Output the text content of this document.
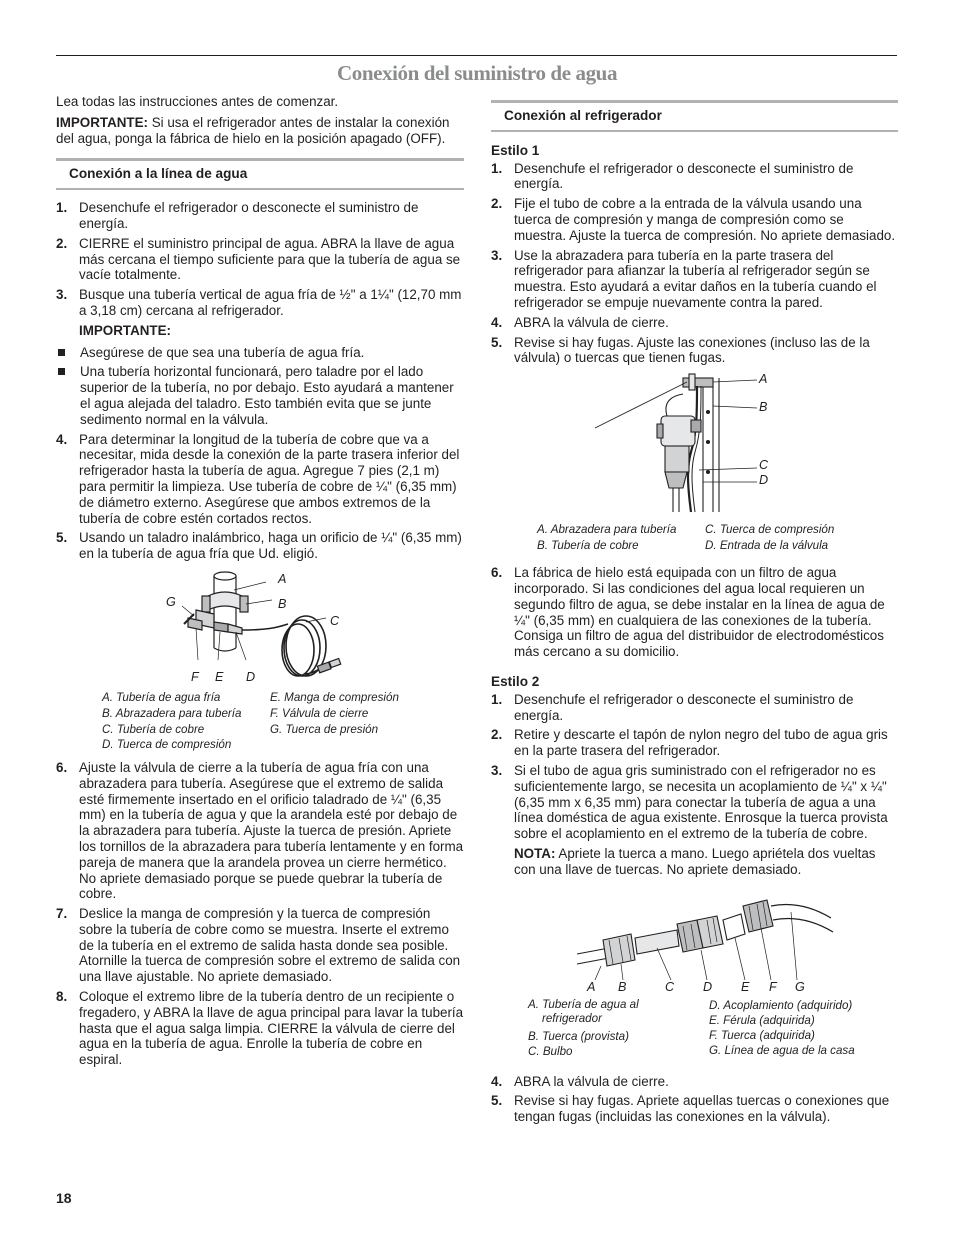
Conexión del suministro de agua

Lea todas las instrucciones antes de comenzar.

IMPORTANTE: Si usa el refrigerador antes de instalar la conexión del agua, ponga la fábrica de hielo en la posición apagado (OFF).

Conexión a la línea de agua
1. Desenchufe el refrigerador o desconecte el suministro de energía.
2. CIERRE el suministro principal de agua. ABRA la llave de agua más cercana el tiempo suficiente para que la tubería de agua se vacíe totalmente.
3. Busque una tubería vertical de agua fría de ½" a 1¼" (12,70 mm a 3,18 cm) cercana al refrigerador.

IMPORTANTE:

Asegúrese de que sea una tubería de agua fría.
Una tubería horizontal funcionará, pero taladre por el lado superior de la tubería, no por debajo. Esto ayudará a mantener el agua alejada del taladro. Esto también evita que se junte sedimento normal en la válvula.
4. Para determinar la longitud de la tubería de cobre que va a necesitar, mida desde la conexión de la parte trasera inferior del refrigerador hasta la tubería de agua. Agregue 7 pies (2,1 m) para permitir la limpieza. Use tubería de cobre de ¼" (6,35 mm) de diámetro externo. Asegúrese que ambos extremos de la tubería de cobre estén cortados rectos.
5. Usando un taladro inalámbrico, haga un orificio de ¼" (6,35 mm) en la tubería de agua fría que Ud. eligió.
A
B
C
G
F E D
A. Tubería de agua fría
B. Abrazadera para tubería
C. Tubería de cobre
D. Tuerca de compresión
E. Manga de compresión
F. Válvula de cierre
G. Tuerca de presión
6. Ajuste la válvula de cierre a la tubería de agua fría con una abrazadera para tubería. Asegúrese que el extremo de salida esté firmemente insertado en el orificio taladrado de ¼" (6,35 mm) en la tubería de agua y que la arandela esté por debajo de la abrazadera para tubería. Ajuste la tuerca de presión. Apriete los tornillos de la abrazadera para tubería lentamente y en forma pareja de manera que la arandela provea un cierre hermético. No apriete demasiado porque se puede quebrar la tubería de cobre.
7. Deslice la manga de compresión y la tuerca de compresión sobre la tubería de cobre como se muestra. Inserte el extremo de la tubería en el extremo de salida hasta donde sea posible. Atornille la tuerca de compresión sobre el extremo de salida con una llave ajustable. No apriete demasiado.
8. Coloque el extremo libre de la tubería dentro de un recipiente o fregadero, y ABRA la llave de agua principal para lavar la tubería hasta que el agua salga limpia. CIERRE la válvula de cierre del agua en la tubería de agua. Enrolle la tubería de cobre en espiral.
Conexión al refrigerador

Estilo 1

1. Desenchufe el refrigerador o desconecte el suministro de energía.
2. Fije el tubo de cobre a la entrada de la válvula usando una tuerca de compresión y manga de compresión como se muestra. Ajuste la tuerca de compresión. No apriete demasiado.
3. Use la abrazadera para tubería en la parte trasera del refrigerador para afianzar la tubería al refrigerador según se muestra. Esto ayudará a evitar daños en la tubería cuando el refrigerador se empuje nuevamente contra la pared.
4. ABRA la válvula de cierre.
5. Revise si hay fugas. Ajuste las conexiones (incluso las de la válvula) o tuercas que tienen fugas.
A
B
C
D
A. Abrazadera para tubería
B. Tubería de cobre
C. Tuerca de compresión
D. Entrada de la válvula
6. La fábrica de hielo está equipada con un filtro de agua incorporado. Si las condiciones del agua local requieren un segundo filtro de agua, se debe instalar en la línea de agua de ¼" (6,35 mm) en cualquiera de las conexiones de la tubería. Consiga un filtro de agua del distribuidor de electrodomésticos más cercano a su domicilio.

Estilo 2

1. Desenchufe el refrigerador o desconecte el suministro de energía.
2. Retire y descarte el tapón de nylon negro del tubo de agua gris en la parte trasera del refrigerador.
3. Si el tubo de agua gris suministrado con el refrigerador no es suficientemente largo, se necesita un acoplamiento de ¼" x ¼" (6,35 mm x 6,35 mm) para conectar la tubería de agua a una línea doméstica de agua existente. Enrosque la tuerca provista sobre el acoplamiento en el extremo de la tubería de cobre.

NOTA: Apriete la tuerca a mano. Luego apriétela dos vueltas con una llave de tuercas. No apriete demasiado.

A B	C D E F G
A. Tubería de agua al
refrigerador
B. Tuerca (provista)
C. Bulbo
D. Acoplamiento (adquirido)
E. Férula (adquirida)
F. Tuerca (adquirida)
G. Línea de agua de la casa
4. ABRA la válvula de cierre.
5. Revise si hay fugas. Apriete aquellas tuercas o conexiones que tengan fugas (incluidas las conexiones en la válvula).
18
